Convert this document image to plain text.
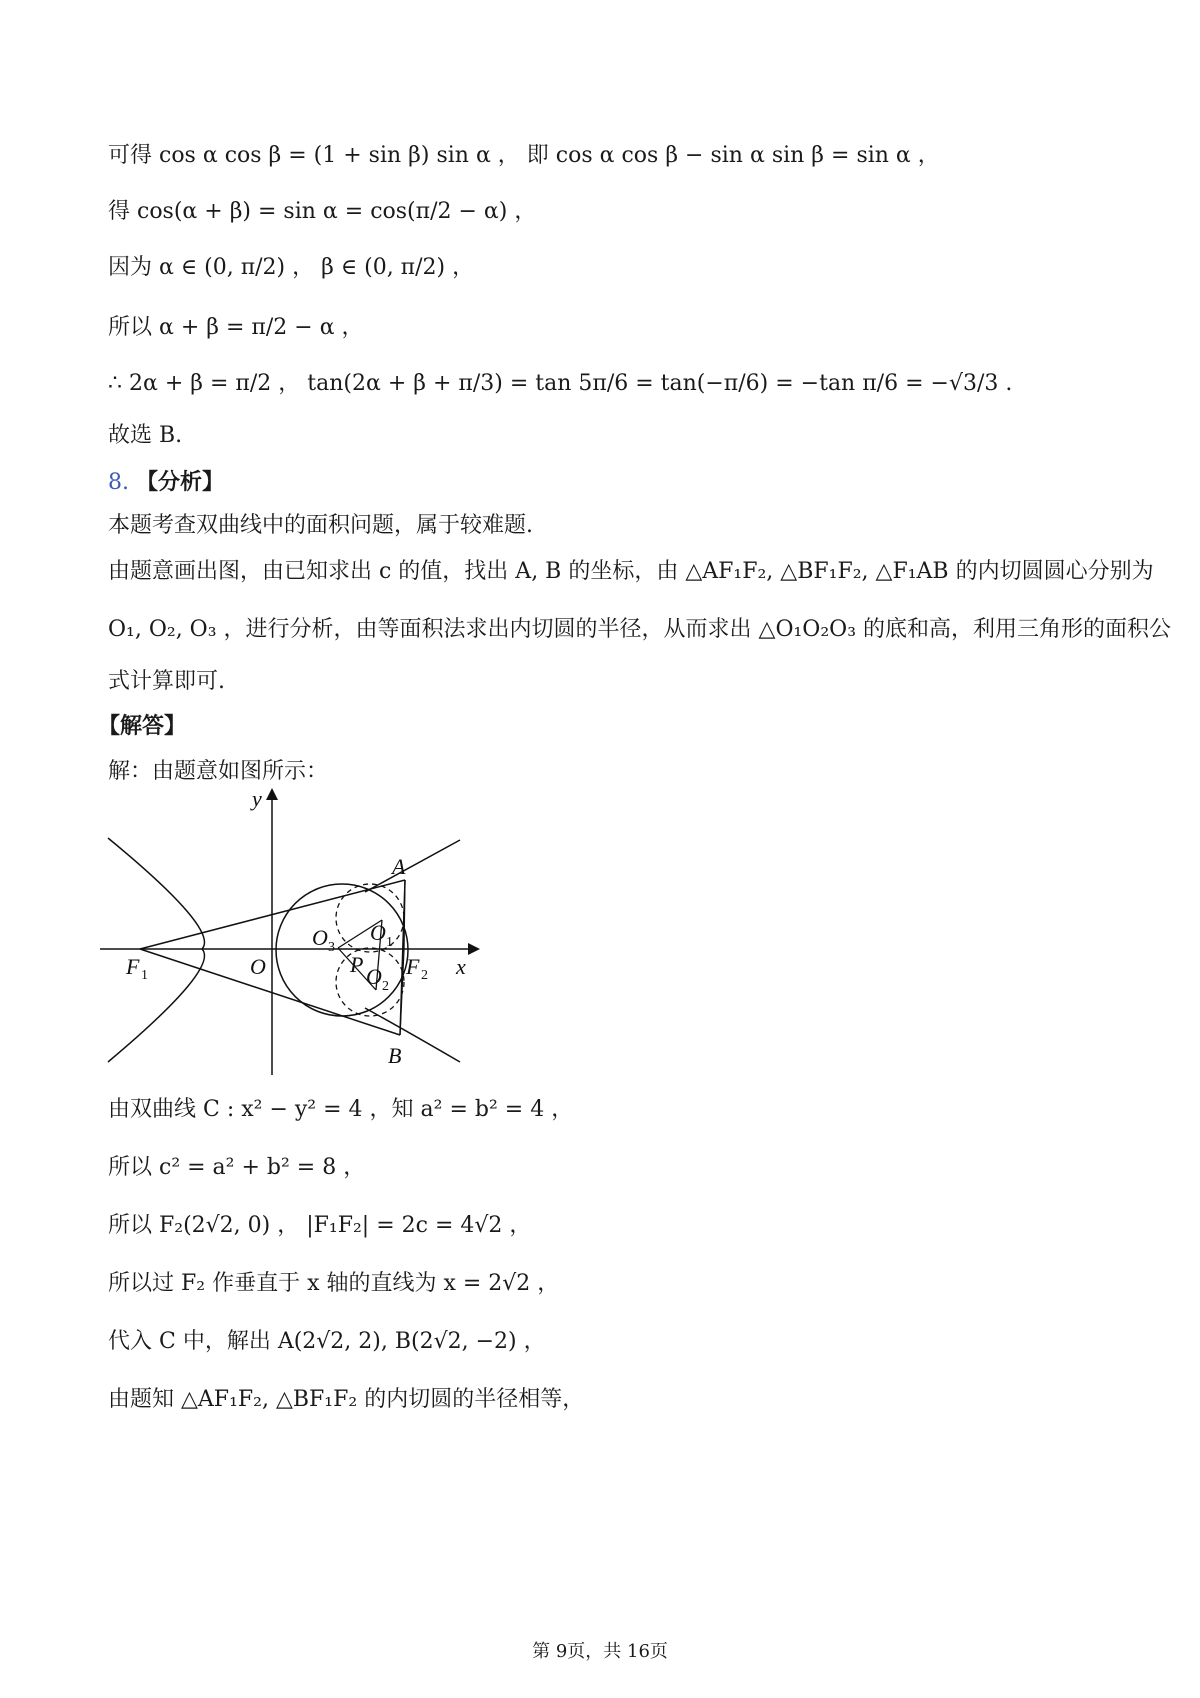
可得 cos α cos β = (1 + sin β) sin α ， 即 cos α cos β − sin α sin β = sin α ，
得 cos(α + β) = sin α = cos(π/2 − α) ，
因为 α ∈ (0, π/2) ， β ∈ (0, π/2) ，
所以 α + β = π/2 − α ，
∴ 2α + β = π/2 ， tan(2α + β + π/3) = tan 5π/6 = tan(−π/6) = −tan π/6 = −√3/3 .
故选 B.
8. 【分析】
本题考查双曲线中的面积问题，属于较难题.
由题意画出图，由已知求出 c 的值，找出 A, B 的坐标，由 △AF₁F₂, △BF₁F₂, △F₁AB 的内切圆圆心分别为
O₁, O₂, O₃ ，进行分析，由等面积法求出内切圆的半径，从而求出 △O₁O₂O₃ 的底和高，利用三角形的面积公
式计算即可.
【解答】
解：由题意如图所示：
y
x
O
A
B
P
F 1	F 2
O 1
O 2
O 3
由双曲线 C : x² − y² = 4 ，知 a² = b² = 4 ，
所以 c² = a² + b² = 8 ，
所以 F₂(2√2, 0) ， |F₁F₂| = 2c = 4√2 ，
所以过 F₂ 作垂直于 x 轴的直线为 x = 2√2 ，
代入 C 中，解出 A(2√2, 2), B(2√2, −2) ，
由题知 △AF₁F₂, △BF₁F₂ 的内切圆的半径相等，
第 9页，共 16页
